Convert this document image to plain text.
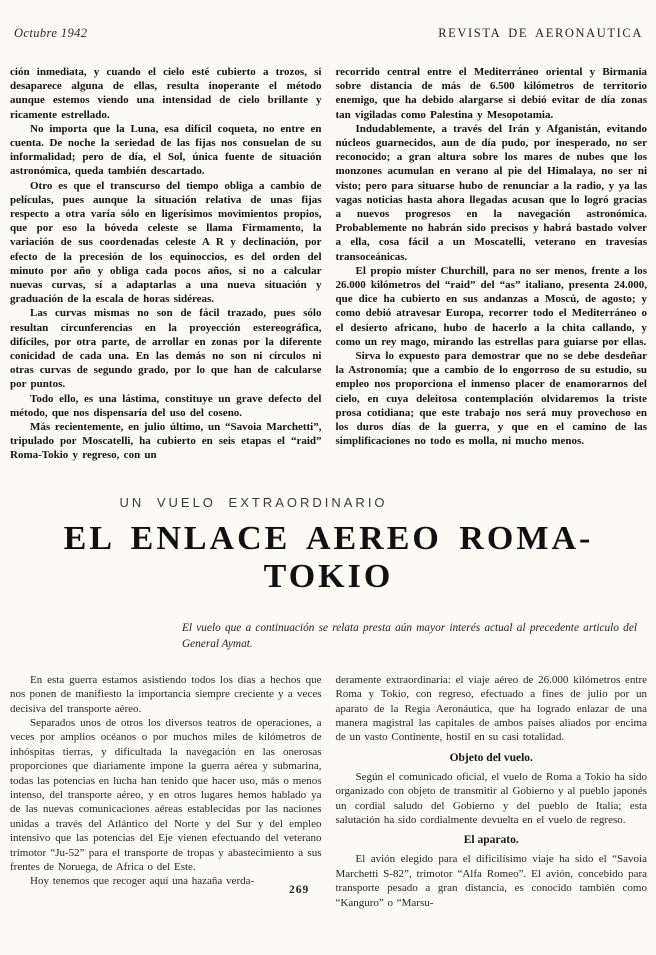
Octubre 1942	REVISTA DE AERONAUTICA

ción inmediata, y cuando el cielo esté cubierto a trozos, si desaparece alguna de ellas, resulta inoperante el método aunque estemos viendo una intensidad de cielo brillante y ricamente estrellado.

No importa que la Luna, esa difícil coqueta, no entre en cuenta. De noche la seriedad de las fijas nos consuelan de su informalidad; pero de día, el Sol, única fuente de situación astronómica, queda también descartado.

Otro es que el transcurso del tiempo obliga a cambio de películas, pues aunque la situación relativa de unas fijas respecto a otra varía sólo en ligerísimos movimientos propios, que por eso la bóveda celeste se llama Firmamento, la variación de sus coordenadas celeste A R y declinación, por efecto de la precesión de los equinoccios, es del orden del minuto por año y obliga cada pocos años, si no a calcular nuevas curvas, sí a adaptarlas a una nueva situación y graduación de la escala de horas sidéreas.

Las curvas mismas no son de fácil trazado, pues sólo resultan circunferencias en la proyección estereográfica, difíciles, por otra parte, de arrollar en zonas por la diferente conicidad de cada una. En las demás no son ni círculos ni otras curvas de segundo grado, por lo que han de calcularse por puntos.

Todo ello, es una lástima, constituye un grave defecto del método, que nos dispensaría del uso del coseno.

Más recientemente, en julio último, un “Savoia Marchetti”, tripulado por Moscatelli, ha cubierto en seis etapas el “raid” Roma-Tokio y regreso, con un

recorrido central entre el Mediterráneo oriental y Birmania sobre distancia de más de 6.500 kilómetros de territorio enemigo, que ha debido alargarse si debió evitar de día zonas tan vigiladas como Palestina y Mesopotamia.

Indudablemente, a través del Irán y Afganistán, evitando núcleos guarnecidos, aun de día pudo, por inesperado, no ser reconocido; a gran altura sobre los mares de nubes que los monzones acumulan en verano al pie del Himalaya, no ser ni visto; pero para situarse hubo de renunciar a la radio, y ya las vagas noticias hasta ahora llegadas acusan que lo logró gracias a nuevos progresos en la navegación astronómica. Probablemente no habrán sido precisos y habrá bastado volver a ella, cosa fácil a un Moscatelli, veterano en travesías transoceánicas.

El propio míster Churchill, para no ser menos, frente a los 26.000 kilómetros del “raid” del “as” italiano, presenta 24.000, que dice ha cubierto en sus andanzas a Moscú, de agosto; y como debió atravesar Europa, recorrer todo el Mediterráneo o el desierto africano, hubo de hacerlo a la chita callando, y como un rey mago, mirando las estrellas para guiarse por ellas.

Sirva lo expuesto para demostrar que no se debe desdeñar la Astronomía; que a cambio de lo engorroso de su estudio, su empleo nos proporciona el inmenso placer de enamorarnos del cielo, en cuya deleitosa contemplación olvidaremos la triste prosa cotidiana; que este trabajo nos será muy provechoso en los duros días de la guerra, y que en el camino de las simplificaciones no todo es molla, ni mucho menos.

UN VUELO EXTRAORDINARIO
EL ENLACE AEREO ROMA-TOKIO
El vuelo que a continuación se relata presta aún mayor interés actual al precedente articulo del General Aymat.

En esta guerra estamos asistiendo todos los días a hechos que nos ponen de manifiesto la importancia siempre creciente y a veces decisiva del transporte aéreo.

Separados unos de otros los diversos teatros de operaciones, a veces por amplios océanos o por muchos miles de kilómetros de inhóspitas tierras, y dificultada la navegación en las onerosas proporciones que diariamente impone la guerra aérea y submarina, todas las potencias en lucha han tenido que hacer uso, más o menos intenso, del transporte aéreo, y en otros lugares hemos hablado ya de las nuevas comunicaciones aéreas establecidas por las naciones unidas a través del Atlántico del Norte y del Sur y del empleo intensivo que las potencias del Eje vienen efectuando del veterano trimotor “Ju-52” para el transporte de tropas y abastecimiento a sus frentes de Noruega, de Africa o del Este.

Hoy tenemos que recoger aquí una hazaña verda-

deramente extraordinaria: el viaje aéreo de 26.000 kilómetros entre Roma y Tokio, con regreso, efectuado a fines de julio por un aparato de la Regia Aeronáutica, que ha logrado enlazar de una manera magistral las capitales de ambos países aliados por encima de un vasto Continente, hostil en su casi totalidad.

Objeto del vuelo.

Según el comunicado oficial, el vuelo de Roma a Tokio ha sido organizado con objeto de transmitir al Gobierno y al pueblo japonés un cordial saludo del Gobierno y del pueblo de Italia; esta salutación ha sido cordialmente devuelta en el vuelo de regreso.

El aparato.

El avión elegido para el dificilísimo viaje ha sido el “Savoia Marchetti S-82”, trimotor “Alfa Romeo”. El avión, concebido para transporte pesado a gran distancia, es conocido también como “Kanguro” o “Marsu-

269
